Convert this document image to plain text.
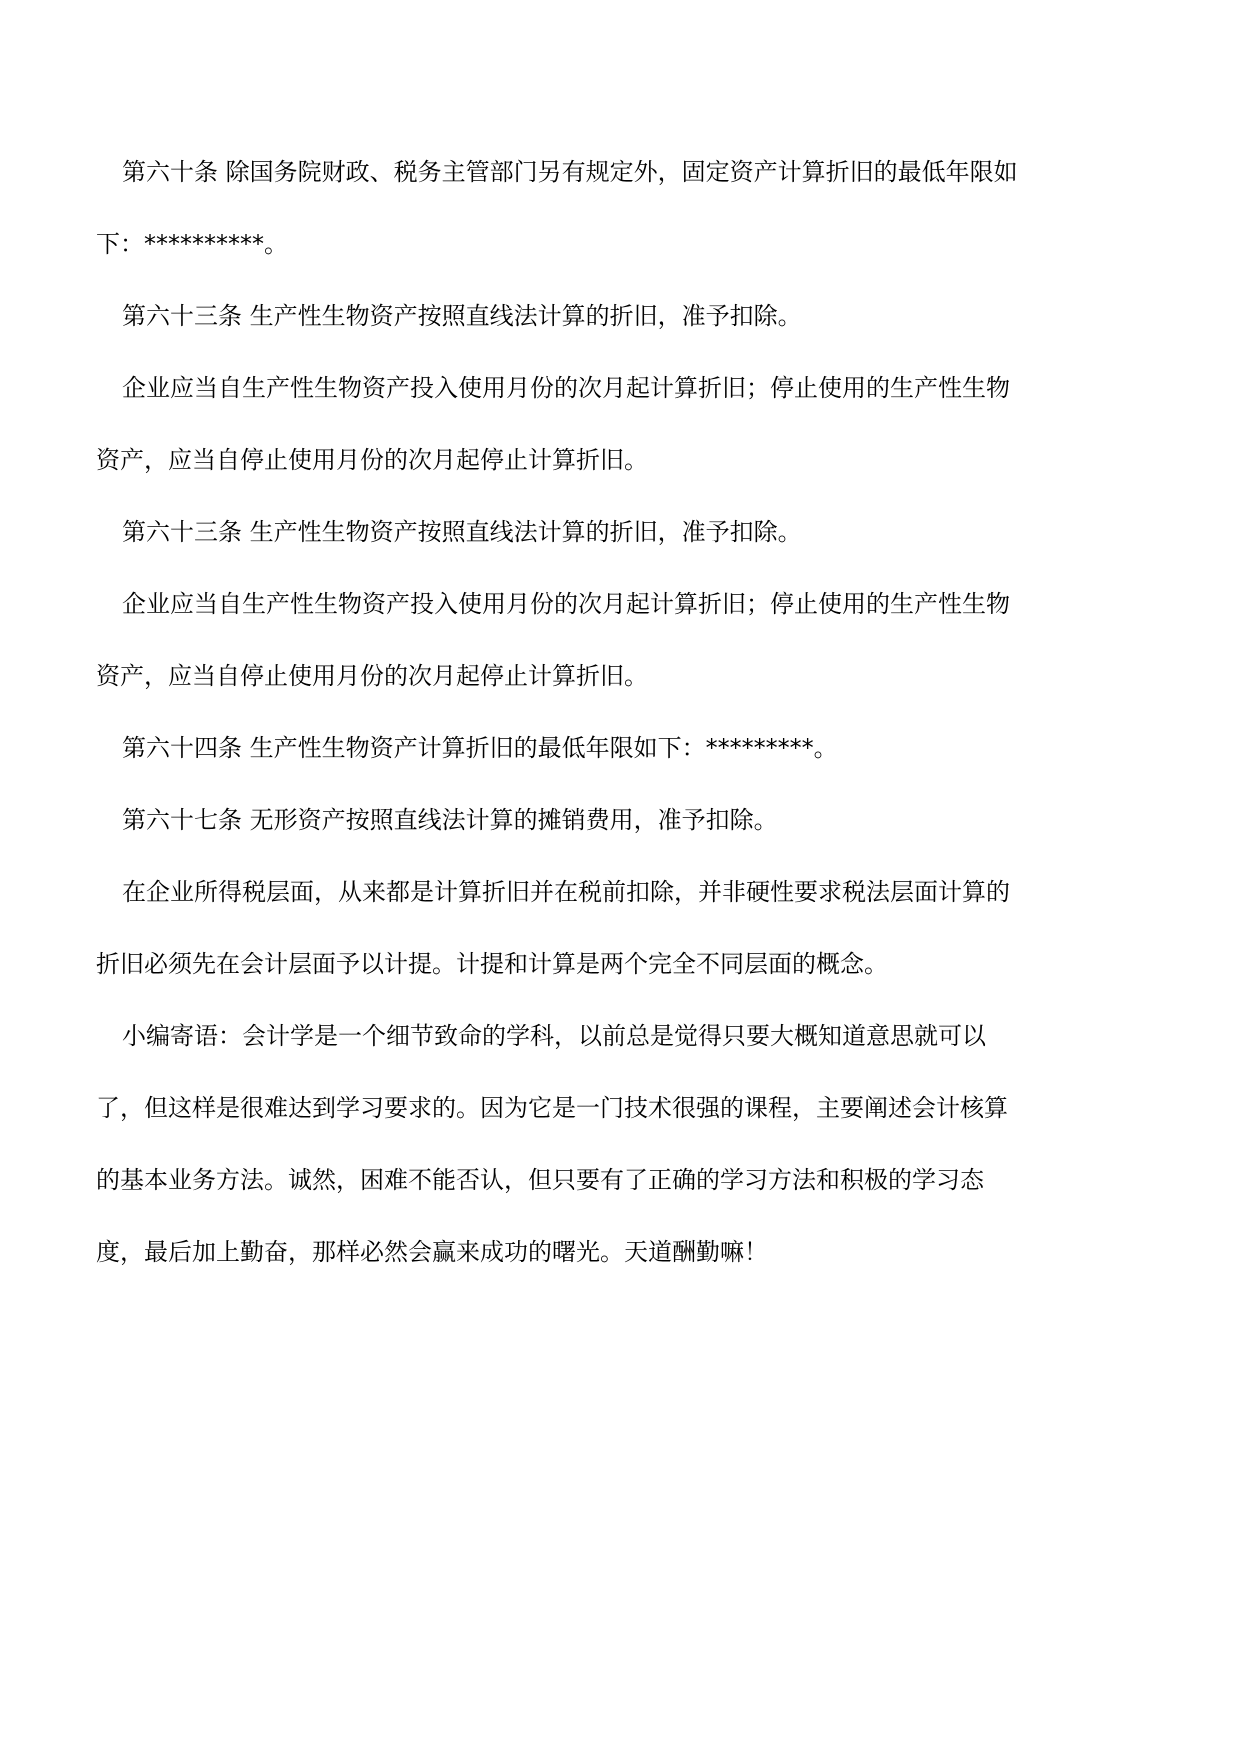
第六十条 除国务院财政、税务主管部门另有规定外，固定资产计算折旧的最低年限如下：**********。

第六十三条 生产性生物资产按照直线法计算的折旧，准予扣除。

企业应当自生产性生物资产投入使用月份的次月起计算折旧；停止使用的生产性生物资产，应当自停止使用月份的次月起停止计算折旧。

第六十三条 生产性生物资产按照直线法计算的折旧，准予扣除。

企业应当自生产性生物资产投入使用月份的次月起计算折旧；停止使用的生产性生物资产，应当自停止使用月份的次月起停止计算折旧。

第六十四条 生产性生物资产计算折旧的最低年限如下：*********。

第六十七条 无形资产按照直线法计算的摊销费用，准予扣除。

在企业所得税层面，从来都是计算折旧并在税前扣除，并非硬性要求税法层面计算的折旧必须先在会计层面予以计提。计提和计算是两个完全不同层面的概念。

小编寄语：会计学是一个细节致命的学科，以前总是觉得只要大概知道意思就可以了，但这样是很难达到学习要求的。因为它是一门技术很强的课程，主要阐述会计核算的基本业务方法。诚然，困难不能否认，但只要有了正确的学习方法和积极的学习态度，最后加上勤奋，那样必然会赢来成功的曙光。天道酬勤嘛！
